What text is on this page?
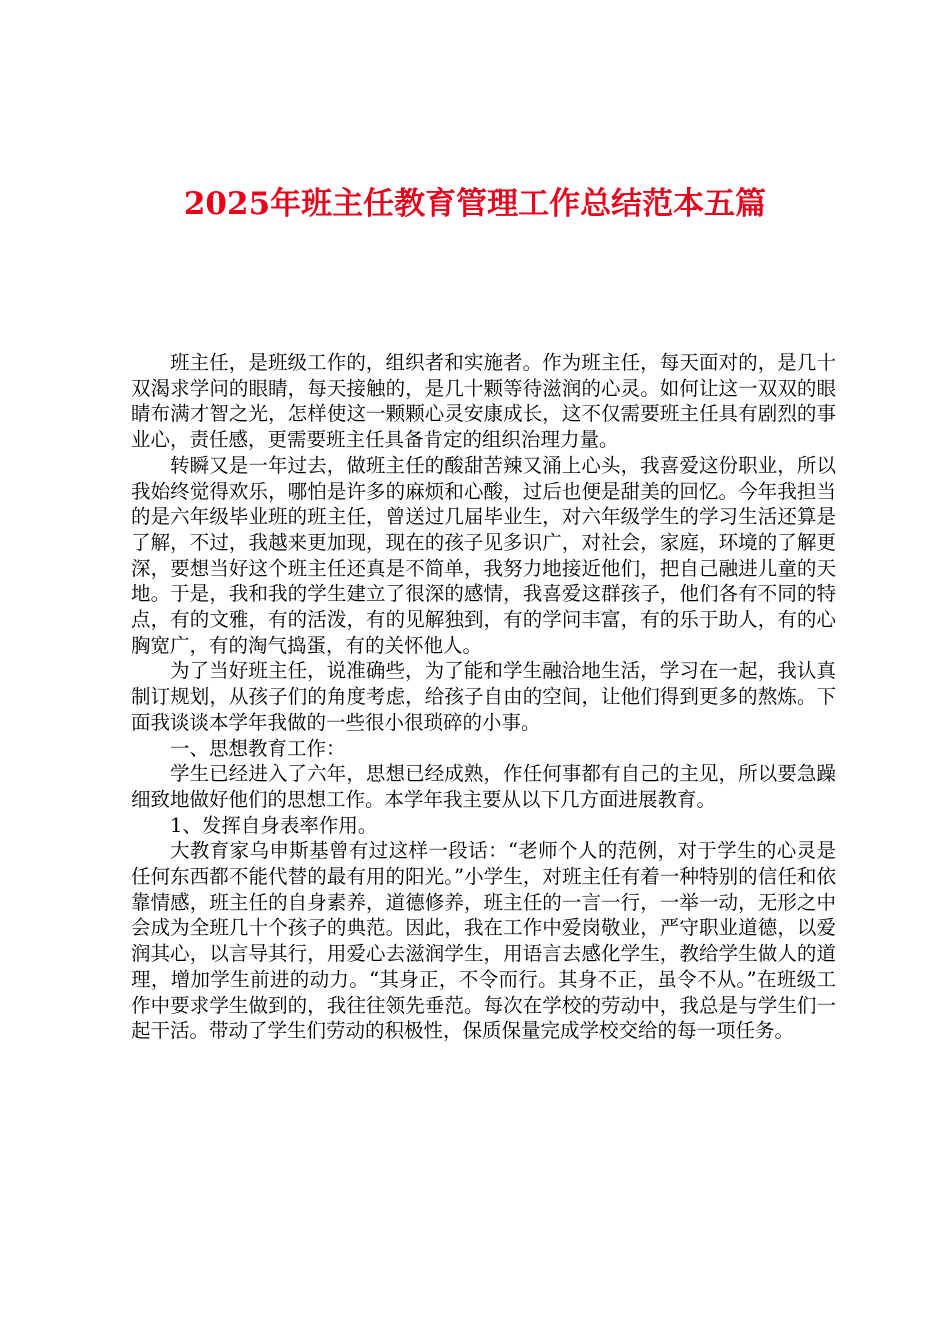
2025年班主任教育管理工作总结范本五篇

班主任，是班级工作的，组织者和实施者。作为班主任，每天面对的，是几十双渴求学问的眼睛，每天接触的，是几十颗等待滋润的心灵。如何让这一双双的眼睛布满才智之光，怎样使这一颗颗心灵安康成长，这不仅需要班主任具有剧烈的事业心，责任感，更需要班主任具备肯定的组织治理力量。

转瞬又是一年过去，做班主任的酸甜苦辣又涌上心头，我喜爱这份职业，所以我始终觉得欢乐，哪怕是许多的麻烦和心酸，过后也便是甜美的回忆。今年我担当的是六年级毕业班的班主任，曾送过几届毕业生，对六年级学生的学习生活还算是了解，不过，我越来更加现，现在的孩子见多识广，对社会，家庭，环境的了解更深，要想当好这个班主任还真是不简单，我努力地接近他们，把自己融进儿童的天地。于是，我和我的学生建立了很深的感情，我喜爱这群孩子，他们各有不同的特点，有的文雅，有的活泼，有的见解独到，有的学问丰富，有的乐于助人，有的心胸宽广，有的淘气捣蛋，有的关怀他人。

为了当好班主任，说准确些，为了能和学生融洽地生活，学习在一起，我认真制订规划，从孩子们的角度考虑，给孩子自由的空间，让他们得到更多的熬炼。下面我谈谈本学年我做的一些很小很琐碎的小事。

一、思想教育工作：

学生已经进入了六年，思想已经成熟，作任何事都有自己的主见，所以要急躁细致地做好他们的思想工作。本学年我主要从以下几方面进展教育。

1、发挥自身表率作用。

大教育家乌申斯基曾有过这样一段话：“老师个人的范例，对于学生的心灵是任何东西都不能代替的最有用的阳光。”小学生，对班主任有着一种特别的信任和依靠情感，班主任的自身素养，道德修养，班主任的一言一行，一举一动，无形之中会成为全班几十个孩子的典范。因此，我在工作中爱岗敬业，严守职业道德，以爱润其心，以言导其行，用爱心去滋润学生，用语言去感化学生，教给学生做人的道理，增加学生前进的动力。“其身正，不令而行。其身不正，虽令不从。”在班级工作中要求学生做到的，我往往领先垂范。每次在学校的劳动中，我总是与学生们一起干活。带动了学生们劳动的积极性，保质保量完成学校交给的每一项任务。
